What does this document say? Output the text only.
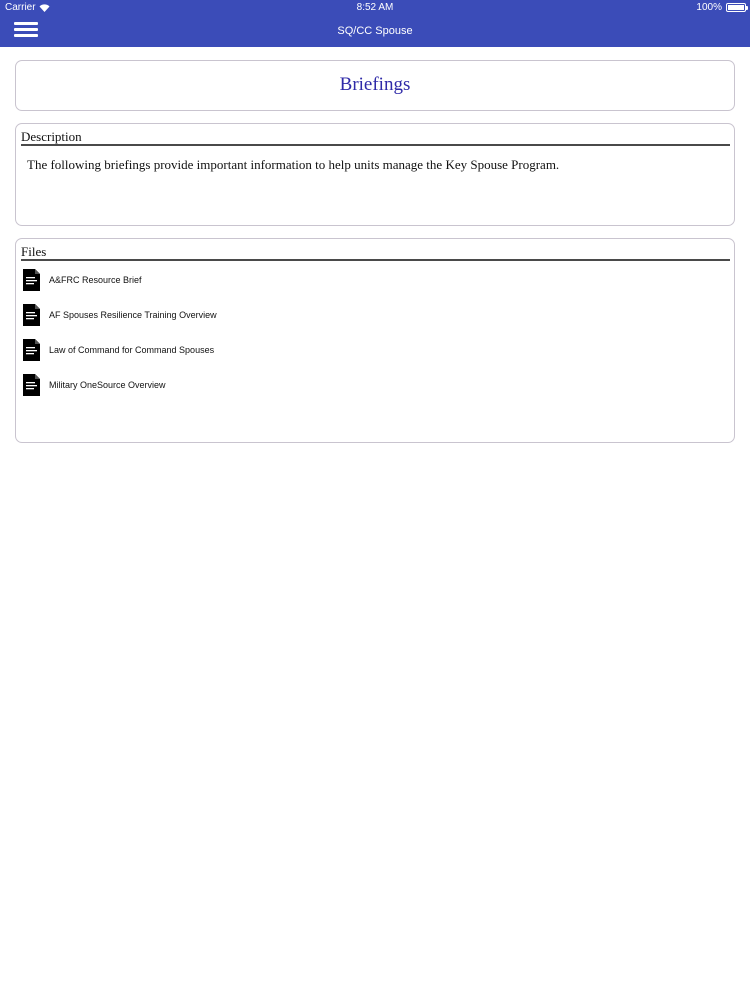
Carrier	8:52 AM	100%
SQ/CC Spouse
Briefings
Description
The following briefings provide important information to help units manage the Key Spouse Program.
Files
A&FRC Resource Brief
AF Spouses Resilience Training Overview
Law of Command for Command Spouses
Military OneSource Overview
